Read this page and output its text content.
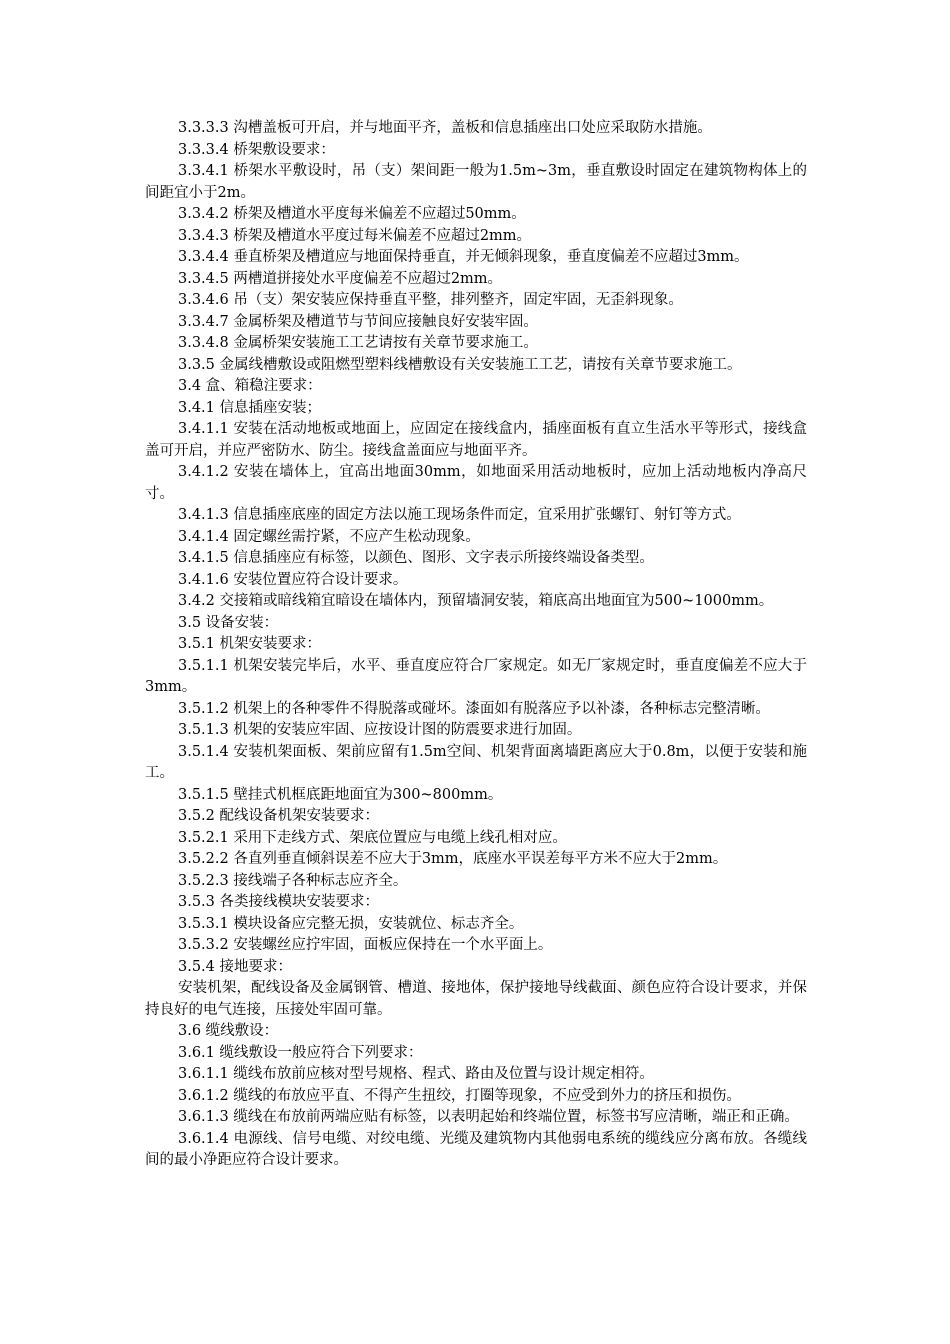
3.3.3.3 沟槽盖板可开启，并与地面平齐，盖板和信息插座出口处应采取防水措施。

3.3.3.4 桥架敷设要求：

3.3.4.1 桥架水平敷设时，吊（支）架间距一般为1.5m~3m，垂直敷设时固定在建筑物构体上的间距宜小于2m。

3.3.4.2 桥架及槽道水平度每米偏差不应超过50mm。

3.3.4.3 桥架及槽道水平度过每米偏差不应超过2mm。

3.3.4.4 垂直桥架及槽道应与地面保持垂直，并无倾斜现象，垂直度偏差不应超过3mm。

3.3.4.5 两槽道拼接处水平度偏差不应超过2mm。

3.3.4.6 吊（支）架安装应保持垂直平整，排列整齐，固定牢固，无歪斜现象。

3.3.4.7 金属桥架及槽道节与节间应接触良好安装牢固。

3.3.4.8 金属桥架安装施工工艺请按有关章节要求施工。

3.3.5 金属线槽敷设或阻燃型塑料线槽敷设有关安装施工工艺，请按有关章节要求施工。

3.4 盒、箱稳注要求：

3.4.1 信息插座安装；

3.4.1.1 安装在活动地板或地面上，应固定在接线盒内，插座面板有直立生活水平等形式，接线盒盖可开启，并应严密防水、防尘。接线盒盖面应与地面平齐。

3.4.1.2 安装在墙体上，宜高出地面30mm，如地面采用活动地板时，应加上活动地板内净高尺寸。

3.4.1.3 信息插座底座的固定方法以施工现场条件而定，宜采用扩张螺钉、射钉等方式。

3.4.1.4 固定螺丝需拧紧，不应产生松动现象。

3.4.1.5 信息插座应有标签，以颜色、图形、文字表示所接终端设备类型。

3.4.1.6 安装位置应符合设计要求。

3.4.2 交接箱或暗线箱宜暗设在墙体内，预留墙洞安装，箱底高出地面宜为500~1000mm。

3.5 设备安装：

3.5.1 机架安装要求：

3.5.1.1 机架安装完毕后，水平、垂直度应符合厂家规定。如无厂家规定时，垂直度偏差不应大于3mm。

3.5.1.2 机架上的各种零件不得脱落或碰坏。漆面如有脱落应予以补漆，各种标志完整清晰。

3.5.1.3 机架的安装应牢固、应按设计图的防震要求进行加固。

3.5.1.4 安装机架面板、架前应留有1.5m空间、机架背面离墙距离应大于0.8m，以便于安装和施工。

3.5.1.5 壁挂式机框底距地面宜为300~800mm。

3.5.2 配线设备机架安装要求：

3.5.2.1 采用下走线方式、架底位置应与电缆上线孔相对应。

3.5.2.2 各直列垂直倾斜误差不应大于3mm，底座水平误差每平方米不应大于2mm。

3.5.2.3 接线端子各种标志应齐全。

3.5.3 各类接线模块安装要求：

3.5.3.1 模块设备应完整无损，安装就位、标志齐全。

3.5.3.2 安装螺丝应拧牢固，面板应保持在一个水平面上。

3.5.4 接地要求：

安装机架，配线设备及金属钢管、槽道、接地体，保护接地导线截面、颜色应符合设计要求，并保持良好的电气连接，压接处牢固可靠。

3.6 缆线敷设：

3.6.1 缆线敷设一般应符合下列要求：

3.6.1.1 缆线布放前应核对型号规格、程式、路由及位置与设计规定相符。

3.6.1.2 缆线的布放应平直、不得产生扭绞，打圈等现象，不应受到外力的挤压和损伤。

3.6.1.3 缆线在布放前两端应贴有标签，以表明起始和终端位置，标签书写应清晰，端正和正确。

3.6.1.4 电源线、信号电缆、对绞电缆、光缆及建筑物内其他弱电系统的缆线应分离布放。各缆线间的最小净距应符合设计要求。
